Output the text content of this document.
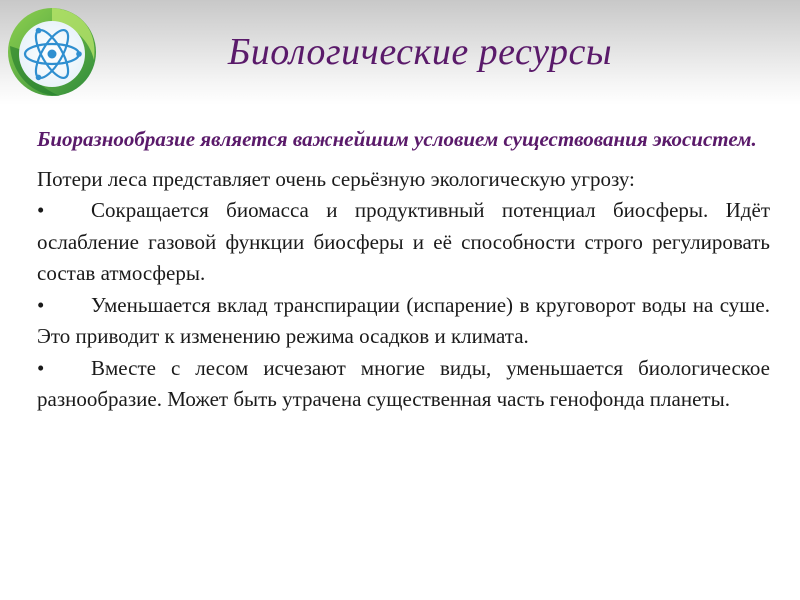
Биологические ресурсы

Биоразнообразие является важнейшим условием существования экосистем.

Потери леса представляет очень серьёзную экологическую угрозу:

• Сокращается биомасса и продуктивный потенциал биосферы. Идёт ослабление газовой функции биосферы и её способности строго регулировать состав атмосферы.
• Уменьшается вклад транспирации (испарение) в круговорот воды на суше. Это приводит к изменению режима осадков и климата.
• Вместе с лесом исчезают многие виды, уменьшается биологическое разнообразие. Может быть утрачена существенная часть генофонда планеты.
